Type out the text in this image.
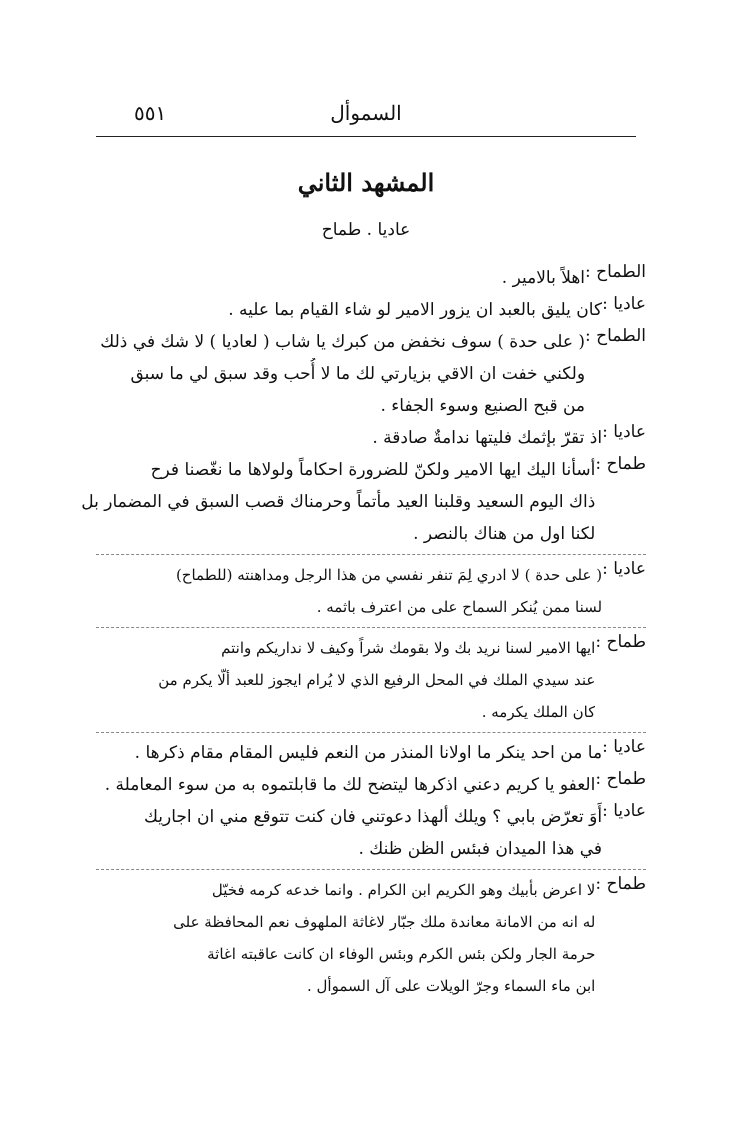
٥٥١	السموأل
المشهد الثاني
عاديا . طماح
الطماح :
اهلاً بالامير .
عاديا :
كان يليق بالعبد ان يزور الامير لو شاء القيام بما عليه .
الطماح :
( على حدة ) سوف نخفض من كبرك يا شاب ( لعاديا ) لا شك في ذلك
ولكني خفت ان الاقي بزيارتي لك ما لا أُحب وقد سبق لي ما سبق
من قبح الصنيع وسوء الجفاء .
عاديا :
اذ تقرّ بإثمك فليتها ندامةٌ صادقة .
طماح :
أسأنا اليك ايها الامير ولكنّ للضرورة احكاماً ولولاها ما نغّصنا فرح
ذاك اليوم السعيد وقلبنا العيد مأتماً وحرمناك قصب السبق في المضمار بل
لكنا اول من هناك بالنصر .
عاديا :
( على حدة ) لا ادري لِمَ تنفر نفسي من هذا الرجل ومداهنته (للطماح)
لسنا ممن يُنكر السماح على من اعترف باثمه .
طماح :
ايها الامير لسنا نريد بك ولا بقومك شراً وكيف لا نداريكم وانتم
عند سيدي الملك في المحل الرفيع الذي لا يُرام ايجوز للعبد ألّا يكرم من
كان الملك يكرمه .
عاديا :
ما من احد ينكر ما اولانا المنذر من النعم فليس المقام مقام ذكرها .
طماح :
العفو يا كريم دعني اذكرها ليتضح لك ما قابلتموه به من سوء المعاملة .
عاديا :
أَوَ تعرّض بابي ؟ ويلك ألهذا دعوتني فان كنت تتوقع مني ان اجاريك
في هذا الميدان فبئس الظن ظنك .
طماح :
لا اعرض بأبيك وهو الكريم ابن الكرام . وانما خدعه كرمه فخيّل
له انه من الامانة معاندة ملك جبّار لاغاثة الملهوف نعم المحافظة على
حرمة الجار ولكن بئس الكرم وبئس الوفاء ان كانت عاقبته اغاثة
ابن ماء السماء وجرّ الويلات على آل السموأل .
